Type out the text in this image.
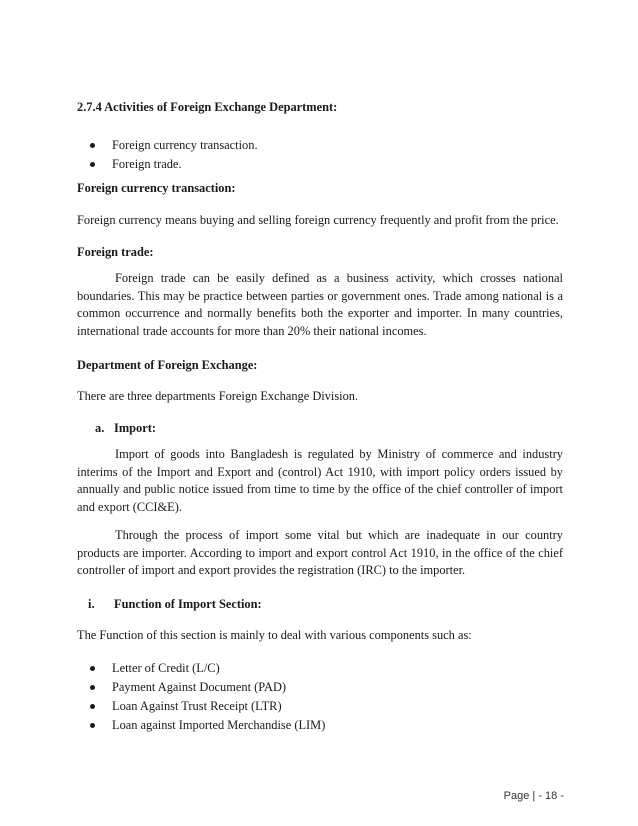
2.7.4 Activities of Foreign Exchange Department:
Foreign currency transaction.
Foreign trade.
Foreign currency transaction:
Foreign currency means buying and selling foreign currency frequently and profit from the price.
Foreign trade:
Foreign trade can be easily defined as a business activity, which crosses national
boundaries. This may be practice between parties or government ones. Trade among national is a
common occurrence and normally benefits both the exporter and importer. In many countries,
international trade accounts for more than 20% their national incomes.
Department of Foreign Exchange:
There are three departments Foreign Exchange Division.
a. Import:
Import of goods into Bangladesh is regulated by Ministry of commerce and industry
interims of the Import and Export and (control) Act 1910, with import policy orders issued by
annually and public notice issued from time to time by the office of the chief controller of import
and export (CCI&E).
Through the process of import some vital but which are inadequate in our country
products are importer. According to import and export control Act 1910, in the office of the chief
controller of import and export provides the registration (IRC) to the importer.
i. Function of Import Section:
The Function of this section is mainly to deal with various components such as:
Letter of Credit (L/C)
Payment Against Document (PAD)
Loan Against Trust Receipt (LTR)
Loan against Imported Merchandise (LIM)
Page | - 18 -
